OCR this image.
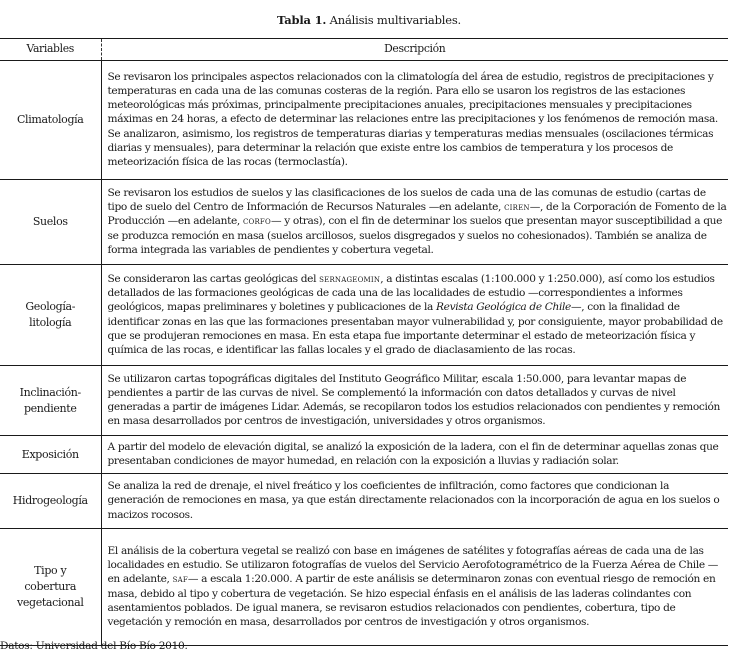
Tabla 1. Análisis multivariables.
Variables	Descripción
Climatología	Se revisaron los principales aspectos relacionados con la climatología del área de estudio, registros de precipitaciones y temperaturas en cada una de las comunas costeras de la región. Para ello se usaron los registros de las estaciones meteorológicas más próximas, principalmente precipitaciones anuales, precipitaciones mensuales y precipitaciones máximas en 24 horas, a efecto de determinar las relaciones entre las precipitaciones y los fenómenos de remoción masa. Se analizaron, asimismo, los registros de temperaturas diarias y temperaturas medias mensuales (oscilaciones térmicas diarias y mensuales), para determinar la relación que existe entre los cambios de temperatura y los procesos de meteorización física de las rocas (termoclastía).
Suelos	Se revisaron los estudios de suelos y las clasificaciones de los suelos de cada una de las comunas de estudio (cartas de tipo de suelo del Centro de Información de Recursos Naturales —en adelante, ciren—, de la Corporación de Fomento de la Producción —en adelante, corfo— y otras), con el fin de determinar los suelos que presentan mayor susceptibilidad a que se produzca remoción en masa (suelos arcillosos, suelos disgregados y suelos no cohesionados). También se analiza de forma integrada las variables de pendientes y cobertura vegetal.
Geología-
litología	Se consideraron las cartas geológicas del sernageomin, a distintas escalas (1:100.000 y 1:250.000), así como los estudios detallados de las formaciones geológicas de cada una de las localidades de estudio —correspondientes a informes geológicos, mapas preliminares y boletines y publicaciones de la Revista Geológica de Chile—, con la finalidad de identificar zonas en las que las formaciones presentaban mayor vulnerabilidad y, por consiguiente, mayor probabilidad de que se produjeran remociones en masa. En esta etapa fue importante determinar el estado de meteorización física y química de las rocas, e identificar las fallas locales y el grado de diaclasamiento de las rocas.
Inclinación-
pendiente	Se utilizaron cartas topográficas digitales del Instituto Geográfico Militar, escala 1:50.000, para levantar mapas de pendientes a partir de las curvas de nivel. Se complementó la información con datos detallados y curvas de nivel generadas a partir de imágenes Lidar. Además, se recopilaron todos los estudios relacionados con pendientes y remoción en masa desarrollados por centros de investigación, universidades y otros organismos.
Exposición	A partir del modelo de elevación digital, se analizó la exposición de la ladera, con el fin de determinar aquellas zonas que presentaban condiciones de mayor humedad, en relación con la exposición a lluvias y radiación solar.
Hidrogeología	Se analiza la red de drenaje, el nivel freático y los coeficientes de infiltración, como factores que condicionan la generación de remociones en masa, ya que están directamente relacionados con la incorporación de agua en los suelos o macizos rocosos.
Tipo y
cobertura
vegetacional	El análisis de la cobertura vegetal se realizó con base en imágenes de satélites y fotografías aéreas de cada una de las localidades en estudio. Se utilizaron fotografías de vuelos del Servicio Aerofotogramétrico de la Fuerza Aérea de Chile —en adelante, saf— a escala 1:20.000. A partir de este análisis se determinaron zonas con eventual riesgo de remoción en masa, debido al tipo y cobertura de vegetación. Se hizo especial énfasis en el análisis de las laderas colindantes con asentamientos poblados. De igual manera, se revisaron estudios relacionados con pendientes, cobertura, tipo de vegetación y remoción en masa, desarrollados por centros de investigación y otros organismos.
Datos: Universidad del Bío Bío 2010.
